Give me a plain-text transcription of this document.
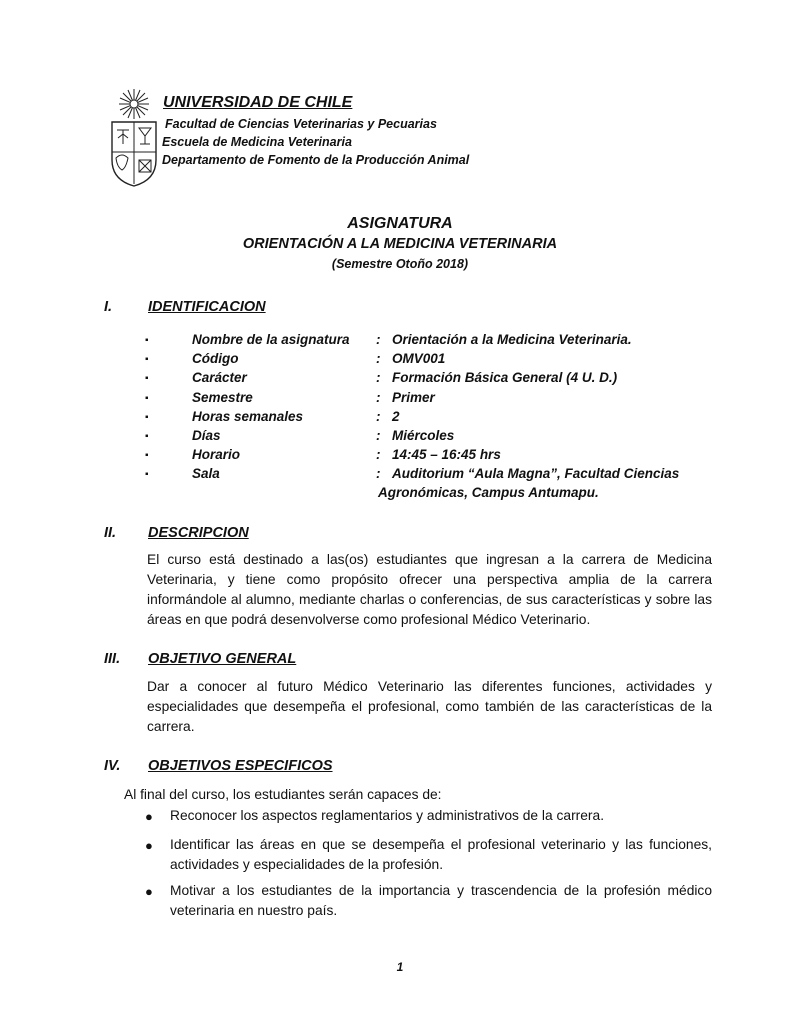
UNIVERSIDAD DE CHILE
Facultad de Ciencias Veterinarias y Pecuarias
Escuela de Medicina Veterinaria
Departamento de Fomento de la Producción Animal
ASIGNATURA
ORIENTACIÓN A LA MEDICINA VETERINARIA
(Semestre Otoño 2018)
I. IDENTIFICACION
▪	Nombre de la asignatura : Orientación a la Medicina Veterinaria.
▪	Código	: OMV001
▪	Carácter	: Formación Básica General (4 U. D.)
▪	Semestre	: Primer
▪	Horas semanales	: 2
▪	Días	: Miércoles
▪	Horario	: 14:45 – 16:45 hrs
▪	Sala	: Auditorium “Aula Magna”, Facultad Ciencias
Agronómicas, Campus Antumapu.
II. DESCRIPCION
El curso está destinado a las(os) estudiantes que ingresan a la carrera de Medicina Veterinaria, y tiene como propósito ofrecer una perspectiva amplia de la carrera informándole al alumno, mediante charlas o conferencias, de sus características y sobre las áreas en que podrá desenvolverse como profesional Médico Veterinario.
III. OBJETIVO GENERAL
Dar a conocer al futuro Médico Veterinario las diferentes funciones, actividades y especialidades que desempeña el profesional, como también de las características de la carrera.
IV. OBJETIVOS ESPECIFICOS
Al final del curso, los estudiantes serán capaces de:
● Reconocer los aspectos reglamentarios y administrativos de la carrera.
● Identificar las áreas en que se desempeña el profesional veterinario y las funciones, actividades y especialidades de la profesión.
● Motivar a los estudiantes de la importancia y trascendencia de la profesión médico veterinaria en nuestro país.
1
